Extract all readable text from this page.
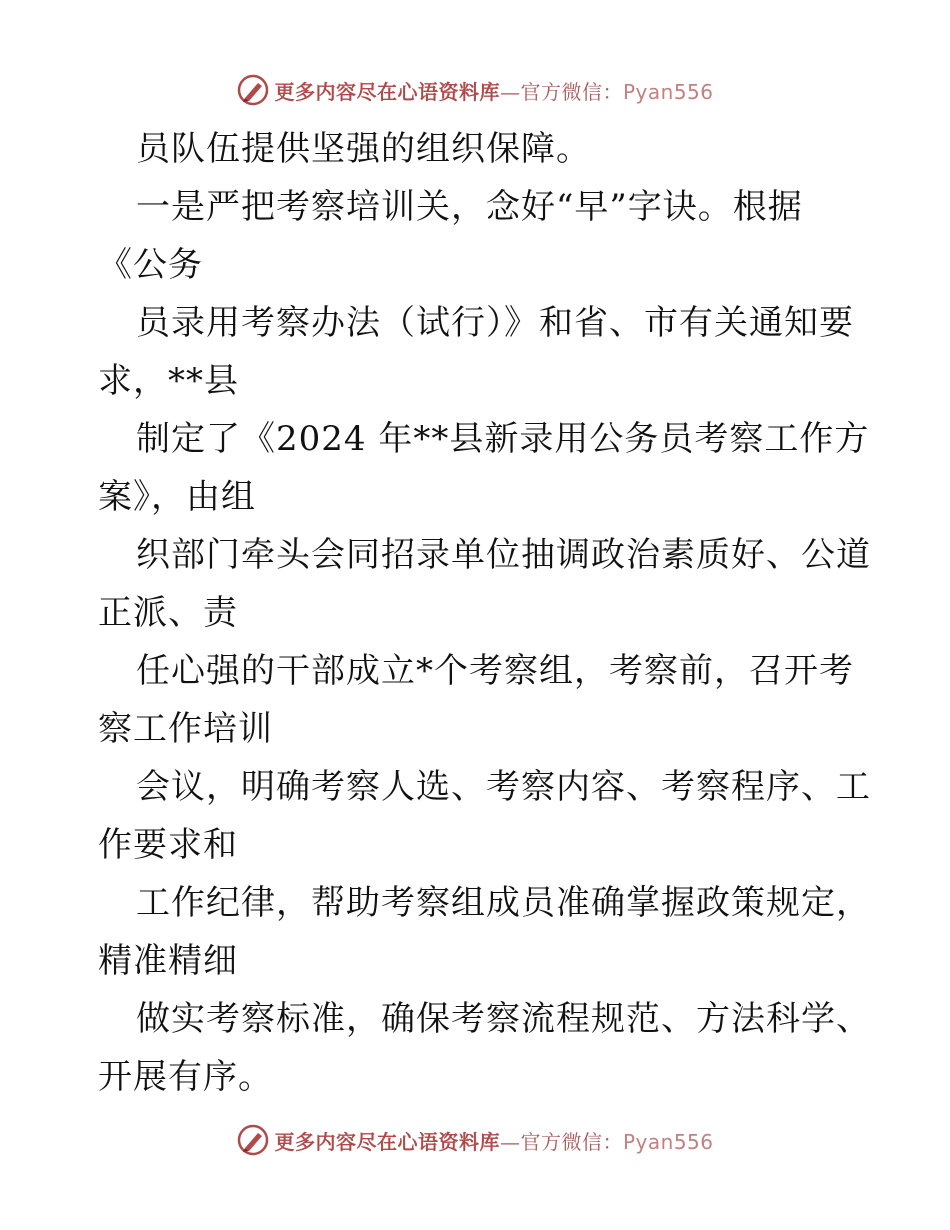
更多内容尽在心语资料库—官方微信：Pyan556
员队伍提供坚强的组织保障。
一是严把考察培训关，念好“早”字诀。根据
《公务
员录用考察办法（试行）》和省、市有关通知要
求，**县
制定了《2024 年**县新录用公务员考察工作方
案》，由组
织部门牵头会同招录单位抽调政治素质好、公道
正派、责
任心强的干部成立*个考察组，考察前，召开考
察工作培训
会议，明确考察人选、考察内容、考察程序、工
作要求和
工作纪律，帮助考察组成员准确掌握政策规定，
精准精细
做实考察标准，确保考察流程规范、方法科学、
开展有序。
更多内容尽在心语资料库—官方微信：Pyan556
